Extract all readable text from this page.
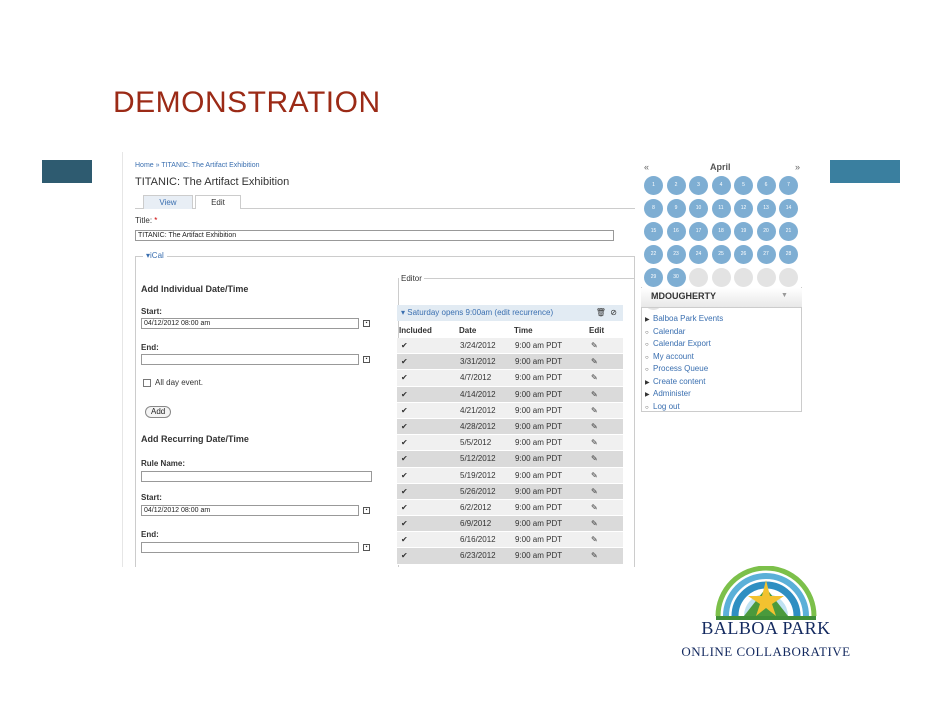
DEMONSTRATION
Home » TITANIC: The Artifact Exhibition
TITANIC: The Artifact Exhibition
View	Edit
Title: *
TITANIC: The Artifact Exhibition
▾iCal
Add Individual Date/Time
Start:
04/12/2012 08:00 am	▪
End:
▪
All day event.
Add
Add Recurring Date/Time
Rule Name:
Start:
04/12/2012 08:00 am	▪
End:
▪
Editor
▾ Saturday opens 9:00am (edit recurrence)	🗑 ⊘
Included	Date	Time	Edit
✔	3/24/2012 9:00 am PDT	✎
✔	3/31/2012 9:00 am PDT	✎
✔	4/7/2012	9:00 am PDT	✎
✔	4/14/2012 9:00 am PDT	✎
✔	4/21/2012 9:00 am PDT	✎
✔	4/28/2012 9:00 am PDT	✎
✔	5/5/2012	9:00 am PDT	✎
✔	5/12/2012 9:00 am PDT	✎
✔	5/19/2012 9:00 am PDT	✎
✔	5/26/2012 9:00 am PDT	✎
✔	6/2/2012	9:00 am PDT	✎
✔	6/9/2012	9:00 am PDT	✎
✔	6/16/2012 9:00 am PDT	✎
✔	6/23/2012 9:00 am PDT	✎
«	April	»
1	2	3	4	5	6	7
8	9	10	11	12	13	14
15	16	17	18	19	20	21
22	23	24	25	26	27	28
29	30
MDOUGHERTY	▼
▶ Balboa Park Events
○ Calendar
○ Calendar Export
○ My account
○ Process Queue
▶ Create content
▶ Administer
○ Log out
BALBOA PARK
ONLINE COLLABORATIVE
